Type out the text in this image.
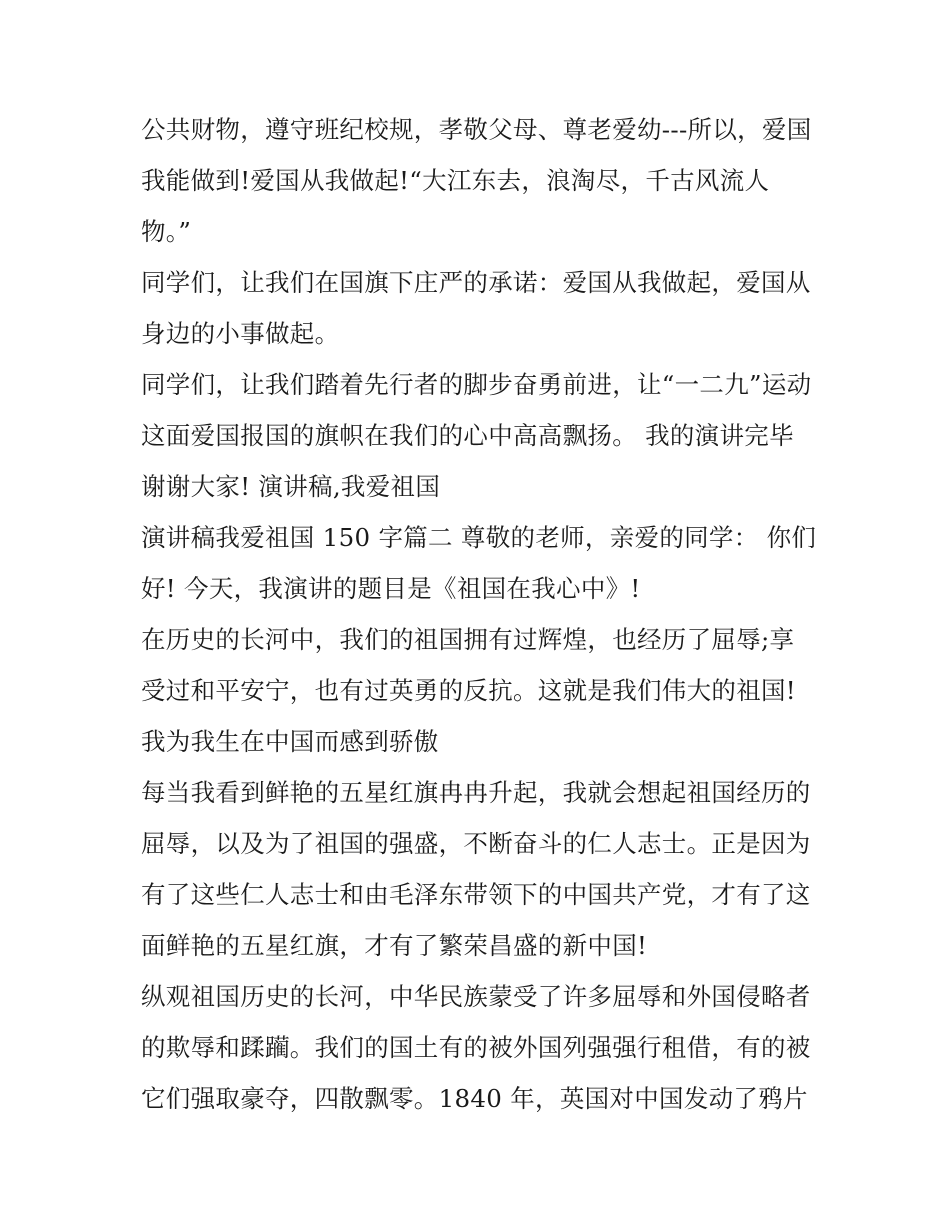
公共财物，遵守班纪校规，孝敬父母、尊老爱幼---所以，爱国
我能做到!爱国从我做起!“大江东去，浪淘尽，千古风流人
物。”
同学们，让我们在国旗下庄严的承诺：爱国从我做起，爱国从
身边的小事做起。
同学们，让我们踏着先行者的脚步奋勇前进，让“一二九”运动
这面爱国报国的旗帜在我们的心中高高飘扬。 我的演讲完毕
谢谢大家! 演讲稿,我爱祖国
演讲稿我爱祖国 150 字篇二 尊敬的老师，亲爱的同学： 你们
好! 今天，我演讲的题目是《祖国在我心中》!
在历史的长河中，我们的祖国拥有过辉煌，也经历了屈辱;享
受过和平安宁，也有过英勇的反抗。这就是我们伟大的祖国!
我为我生在中国而感到骄傲
每当我看到鲜艳的五星红旗冉冉升起，我就会想起祖国经历的
屈辱，以及为了祖国的强盛，不断奋斗的仁人志士。正是因为
有了这些仁人志士和由毛泽东带领下的中国共产党，才有了这
面鲜艳的五星红旗，才有了繁荣昌盛的新中国!
纵观祖国历史的长河，中华民族蒙受了许多屈辱和外国侵略者
的欺辱和蹂躏。我们的国土有的被外国列强强行租借，有的被
它们强取豪夺，四散飘零。1840 年，英国对中国发动了鸦片
